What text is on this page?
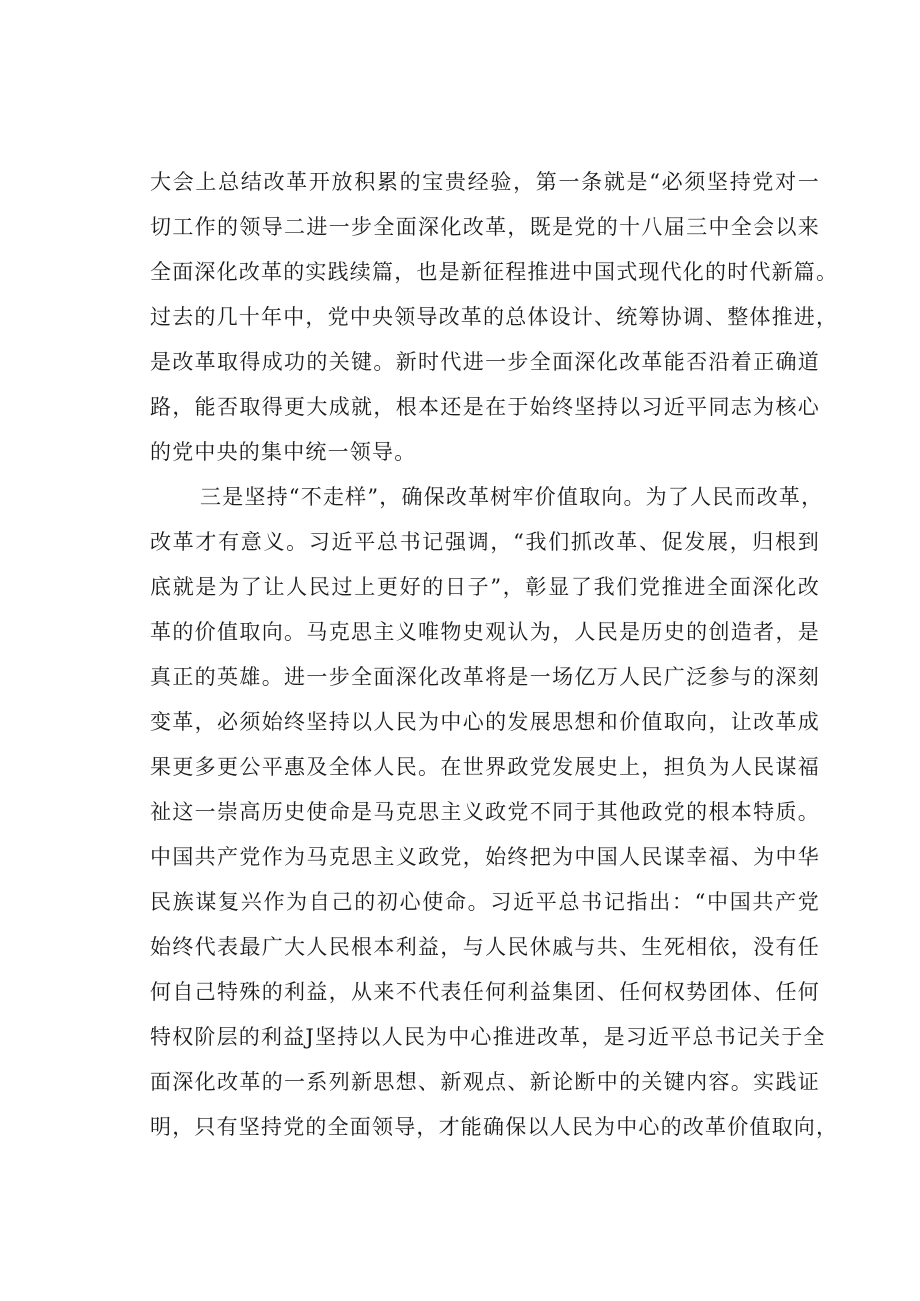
大会上总结改革开放积累的宝贵经验，第一条就是“必须坚持党对一
切工作的领导二进一步全面深化改革，既是党的十八届三中全会以来
全面深化改革的实践续篇，也是新征程推进中国式现代化的时代新篇。
过去的几十年中，党中央领导改革的总体设计、统筹协调、整体推进，
是改革取得成功的关键。新时代进一步全面深化改革能否沿着正确道
路，能否取得更大成就，根本还是在于始终坚持以习近平同志为核心
的党中央的集中统一领导。
三是坚持“不走样”，确保改革树牢价值取向。为了人民而改革，
改革才有意义。习近平总书记强调，“我们抓改革、促发展，归根到
底就是为了让人民过上更好的日子”，彰显了我们党推进全面深化改
革的价值取向。马克思主义唯物史观认为，人民是历史的创造者，是
真正的英雄。进一步全面深化改革将是一场亿万人民广泛参与的深刻
变革，必须始终坚持以人民为中心的发展思想和价值取向，让改革成
果更多更公平惠及全体人民。在世界政党发展史上，担负为人民谋福
祉这一崇高历史使命是马克思主义政党不同于其他政党的根本特质。
中国共产党作为马克思主义政党，始终把为中国人民谋幸福、为中华
民族谋复兴作为自己的初心使命。习近平总书记指出：“中国共产党
始终代表最广大人民根本利益，与人民休戚与共、生死相依，没有任
何自己特殊的利益，从来不代表任何利益集团、任何权势团体、任何
特权阶层的利益J坚持以人民为中心推进改革，是习近平总书记关于全
面深化改革的一系列新思想、新观点、新论断中的关键内容。实践证
明，只有坚持党的全面领导，才能确保以人民为中心的改革价值取向，
